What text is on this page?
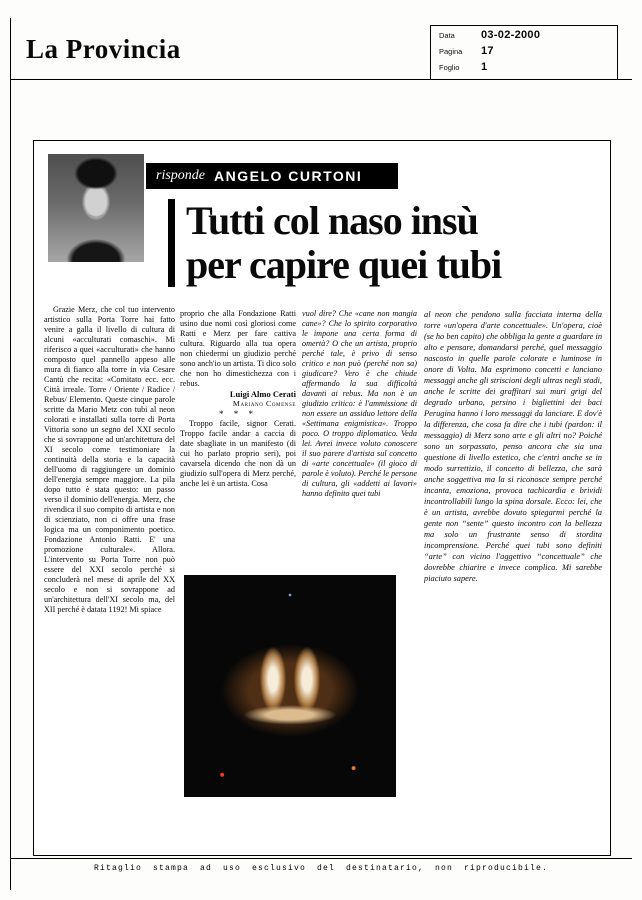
La Provincia	Data	03-02-2000
Pagina	17
Foglio	1
risponde ANGELO CURTONI
Tutti col naso insù
per capire quei tubi

Grazie Merz, che col tuo intervento artistico sulla Porta Torre hai fatto venire a galla il livello di cultura di alcuni «acculturati comaschi». Mi riferisco a quei «acculturati» che hanno composto quel pannello appeso alle mura di fianco alla torre in via Cesare Cantù che recita: «Comitato ecc. ecc. Città irreale. Torre / Oriente / Radice / Rebus/ Elemento. Queste cinque parole scritte da Mario Metz con tubi al neon colorati e installati sulla torre di Porta Vittoria sono un segno del XXI secolo che si sovrappone ad un'architettura del XI secolo come testimoniare la continuità della storia e la capacità dell'uomo di raggiungere un dominio dell'energia sempre maggiore. La pila dopo tutto è stata questo: un passo verso il dominio dell'energia. Merz, che rivendica il suo compito di artista e non di scienziato, non ci offre una frase logica ma un componimento poetico. Fondazione Antonio Ratti. E' una promozione culturale». Allora. L'intervento su Porta Torre non può essere del XXI secolo perché si concluderà nel mese di aprile del XX secolo e non si sovrappone ad un'architettura dell'XI secolo ma, del XII perché è datata 1192! Mi spiace

proprio che alla Fondazione Ratti usino due nomi così gloriosi come Ratti e Merz per fare cattiva cultura. Riguardo alla tua opera non chiedermi un giudizio perché sono anch'io un artista. Ti dico solo che non ho dimestichezza con i rebus.

Luigi Almo Cerati

Mariano Comense

* * *

Troppo facile, signor Cerati. Troppo facile andar a caccia di date sbagliate in un manifesto (di cui ho parlato proprio seri), poi cavarsela dicendo che non dà un giudizio sull'opera di Merz perché, anche lei è un artista. Cosa

vuol dire? Che «cane non mangia cane»? Che lo spirito corporativo le impone una certa forma di omertà? O che un artista, proprio perché tale, è privo di senso critico e non può (perché non sa) giudicare? Vero è che chiude affermando la sua difficoltà davanti ai rebus. Ma non è un giudizio critico: è l'ammissione di non essere un assiduo lettore della «Settimana enigmistica». Troppo poco. O troppo diplomatico. Veda lei. Avrei invece voluto conoscere il suo parere d'artista sul concetto di «arte concettuale» (il gioco di parole è voluto). Perché le persone di cultura, gli «addetti ai lavori» hanno definito quei tubi

al neon che pendono sulla facciata interna della torre «un'opera d'arte concettuale». Un'opera, cioè (se ho ben capito) che obbliga la gente a guardare in alto e pensare, domandarsi perché, quel messaggio nascosto in quelle parole colorate e luminose in onore di Volta. Ma esprimono concetti e lanciano messaggi anche gli striscioni degli ultras negli stadi, anche le scritte dei graffitari sui muri grigi del degrado urbano, persino i bigliettini dei baci Perugina hanno i loro messaggi da lanciare. E dov'è la differenza, che cosa fa dire che i tubi (pardon: il messaggio) di Merz sono arte e gli altri no? Poiché sono un sorpassato, penso ancora che sia una questione di livello estetico, che c'entri anche se in modo surrettizio, il concetto di bellezza, che sarà anche soggettiva ma la si riconosce sempre perché incanta, emoziona, provoca tachicardia e brividi incontrollabili lungo la spina dorsale. Ecco: lei, che è un artista, avrebbe dovuto spiegarmi perché la gente non “sente” questo incontro con la bellezza ma solo un frustrante senso di stordita incomprensione. Perché quei tubi sono definiti “arte” con vicino l'aggettivo “concettuale” che dovrebbe chiarire e invece complica. Mi sarebbe piaciuto sapere.

Ritaglio stampa ad uso esclusivo del destinatario, non riproducibile.
